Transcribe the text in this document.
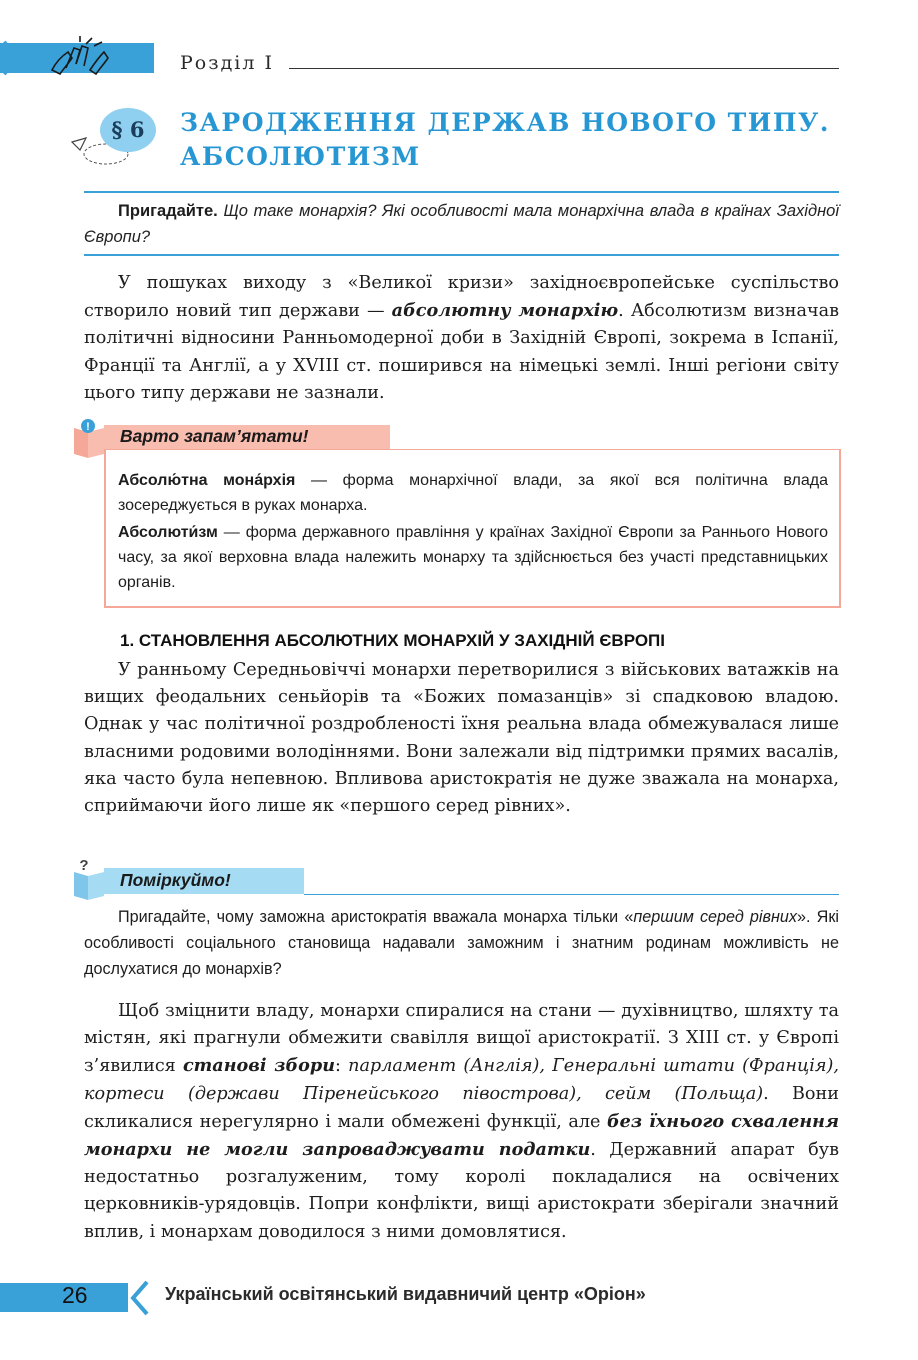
Розділ I
§ 6	ЗАРОДЖЕННЯ ДЕРЖАВ НОВОГО ТИПУ.
АБСОЛЮТИЗМ
Пригадайте. Що таке монархія? Які особливості мала монархічна влада в країнах Західної Європи?
У пошуках виходу з «Великої кризи» західноєвропейське суспільство створило новий тип держави — абсолютну монархію. Абсолютизм визначав політичні відносини Ранньомодерної доби в Західній Європі, зокрема в Іспанії, Франції та Англії, а у XVIII ст. поширився на німецькі землі. Інші регіони світу цього типу держави не зазнали.
! Варто запам’ятати!
Абсолю́тна мона́рхія — форма монархічної влади, за якої вся політична влада зосереджується в руках монарха.
Абсолюти́зм — форма державного правління у країнах Західної Європи за Раннього Нового часу, за якої верховна влада належить монарху та здійснюється без участі представницьких органів.
1. СТАНОВЛЕННЯ АБСОЛЮТНИХ МОНАРХІЙ У ЗАХІДНІЙ ЄВРОПІ
У ранньому Середньовіччі монархи перетворилися з військових ватажків на вищих феодальних сеньйорів та «Божих помазанців» зі спадковою владою. Однак у час політичної роздробленості їхня реальна влада обмежувалася лише власними родовими володіннями. Вони залежали від підтримки прямих васалів, яка часто була непевною. Впливова аристократія не дуже зважала на монарха, сприймаючи його лише як «першого серед рівних».
?
Поміркуймо!
Пригадайте, чому заможна аристократія вважала монарха тільки «першим серед рівних». Які особливості соціального становища надавали заможним і знатним родинам можливість не дослухатися до монархів?
Щоб зміцнити владу, монархи спиралися на стани — духівництво, шляхту та містян, які прагнули обмежити свавілля вищої аристократії. З XIII ст. у Європі з’явилися станові збори: парламент (Англія), Генеральні штати (Франція), кортеси (держави Піренейського півострова), сейм (Польща). Вони скликалися нерегулярно і мали обмежені функції, але без їхнього схвалення монархи не могли запроваджувати податки. Державний апарат був недостатньо розгалуженим, тому королі покладалися на освічених церковників-урядовців. Попри конфлікти, вищі аристократи зберігали значний вплив, і монархам доводилося з ними домовлятися.
26	Український освітянський видавничий центр «Оріон»
